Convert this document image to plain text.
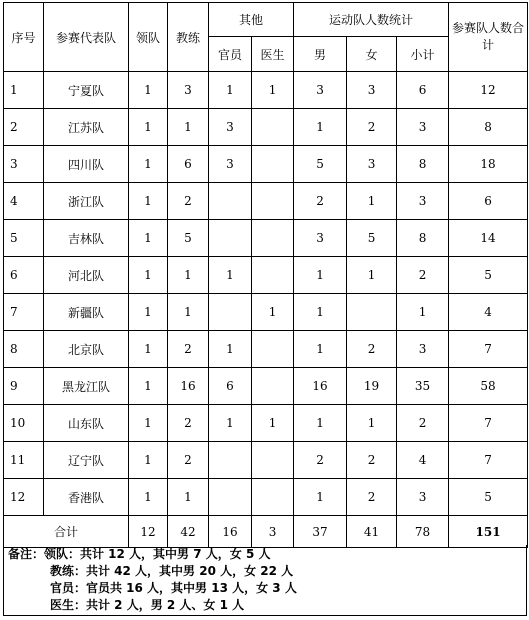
序号	参赛代表队	领队	教练	其他		运动队人数统计			参赛队人数合计
				官员	医生	男	女	小计	
1	宁夏队	1	3	1	1	3	3	6	12
2	江苏队	1	1	3		1	2	3	8
3	四川队	1	6	3		5	3	8	18
4	浙江队	1	2			2	1	3	6
5	吉林队	1	5			3	5	8	14
6	河北队	1	1	1		1	1	2	5
7	新疆队	1	1		1	1		1	4
8	北京队	1	2	1		1	2	3	7
9	黑龙江队	1	16	6		16	19	35	58
10	山东队	1	2	1	1	1	1	2	7
11	辽宁队	1	2			2	2	4	7
12	香港队	1	1			1	2	3	5
合计		12	42	16	3	37	41	78	151
备注：领队：共计 12 人，其中男 7 人，女 5 人
教练：共计 42 人，其中男 20 人，女 22 人
官员：官员共 16 人，其中男 13 人，女 3 人
医生：共计 2 人，男 2 人、女 1 人
